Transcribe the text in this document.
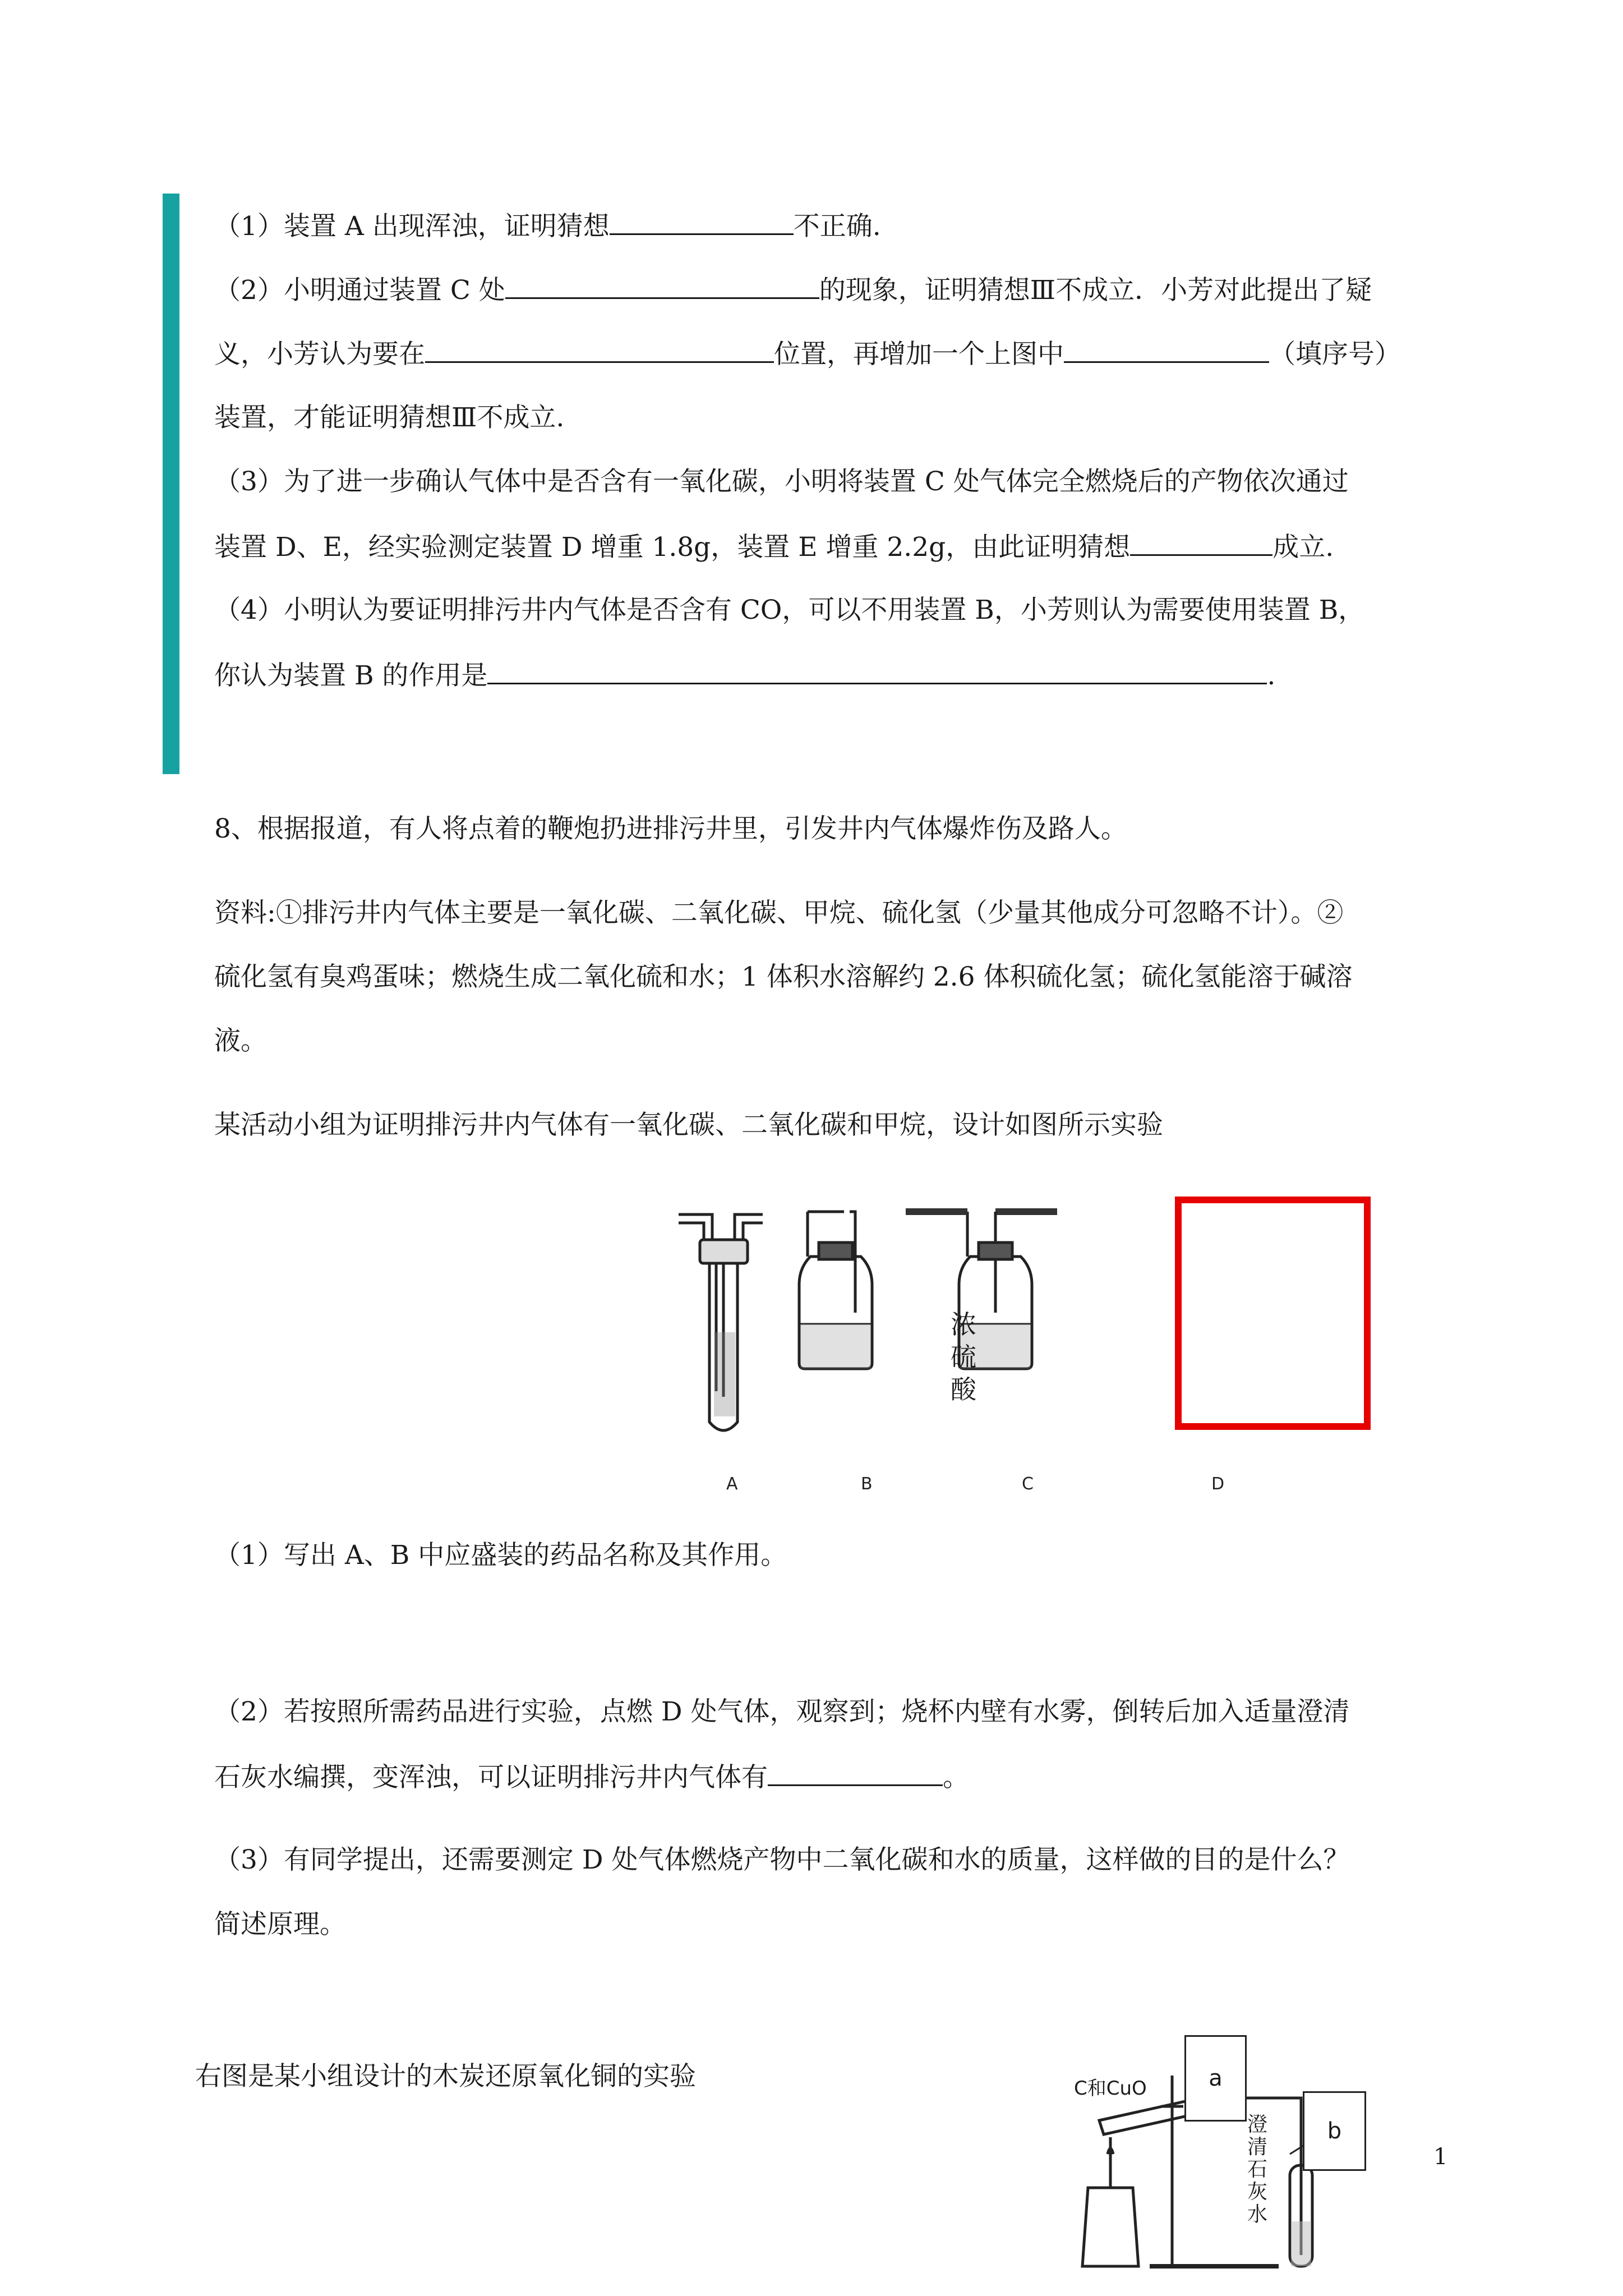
（1）装置 A 出现浑浊，证明猜想	不正确.
（2）小明通过装置 C 处	的现象，证明猜想Ⅲ不成立．小芳对此提出了疑
义，小芳认为要在	位置，再增加一个上图中	（填序号）
装置，才能证明猜想Ⅲ不成立.
（3）为了进一步确认气体中是否含有一氧化碳，小明将装置 C 处气体完全燃烧后的产物依次通过
装置 D、E，经实验测定装置 D 增重 1.8g，装置 E 增重 2.2g，由此证明猜想	成立.
（4）小明认为要证明排污井内气体是否含有 CO，可以不用装置 B，小芳则认为需要使用装置 B，
你认为装置 B 的作用是	.
8、根据报道，有人将点着的鞭炮扔进排污井里，引发井内气体爆炸伤及路人。
资料:①排污井内气体主要是一氧化碳、二氧化碳、甲烷、硫化氢（少量其他成分可忽略不计）。②
硫化氢有臭鸡蛋味；燃烧生成二氧化硫和水；1 体积水溶解约 2.6 体积硫化氢；硫化氢能溶于碱溶
液。
某活动小组为证明排污井内气体有一氧化碳、二氧化碳和甲烷，设计如图所示实验
浓
硫
酸
A	B	C	D
（1）写出 A、B 中应盛装的药品名称及其作用。
（2）若按照所需药品进行实验，点燃 D 处气体，观察到；烧杯内壁有水雾，倒转后加入适量澄清
石灰水编撰，变浑浊，可以证明排污井内气体有	。
（3）有同学提出，还需要测定 D 处气体燃烧产物中二氧化碳和水的质量，这样做的目的是什么？
简述原理。
右图是某小组设计的木炭还原氧化铜的实验	C和CuO	a
b
澄
清
石
灰
水
1
